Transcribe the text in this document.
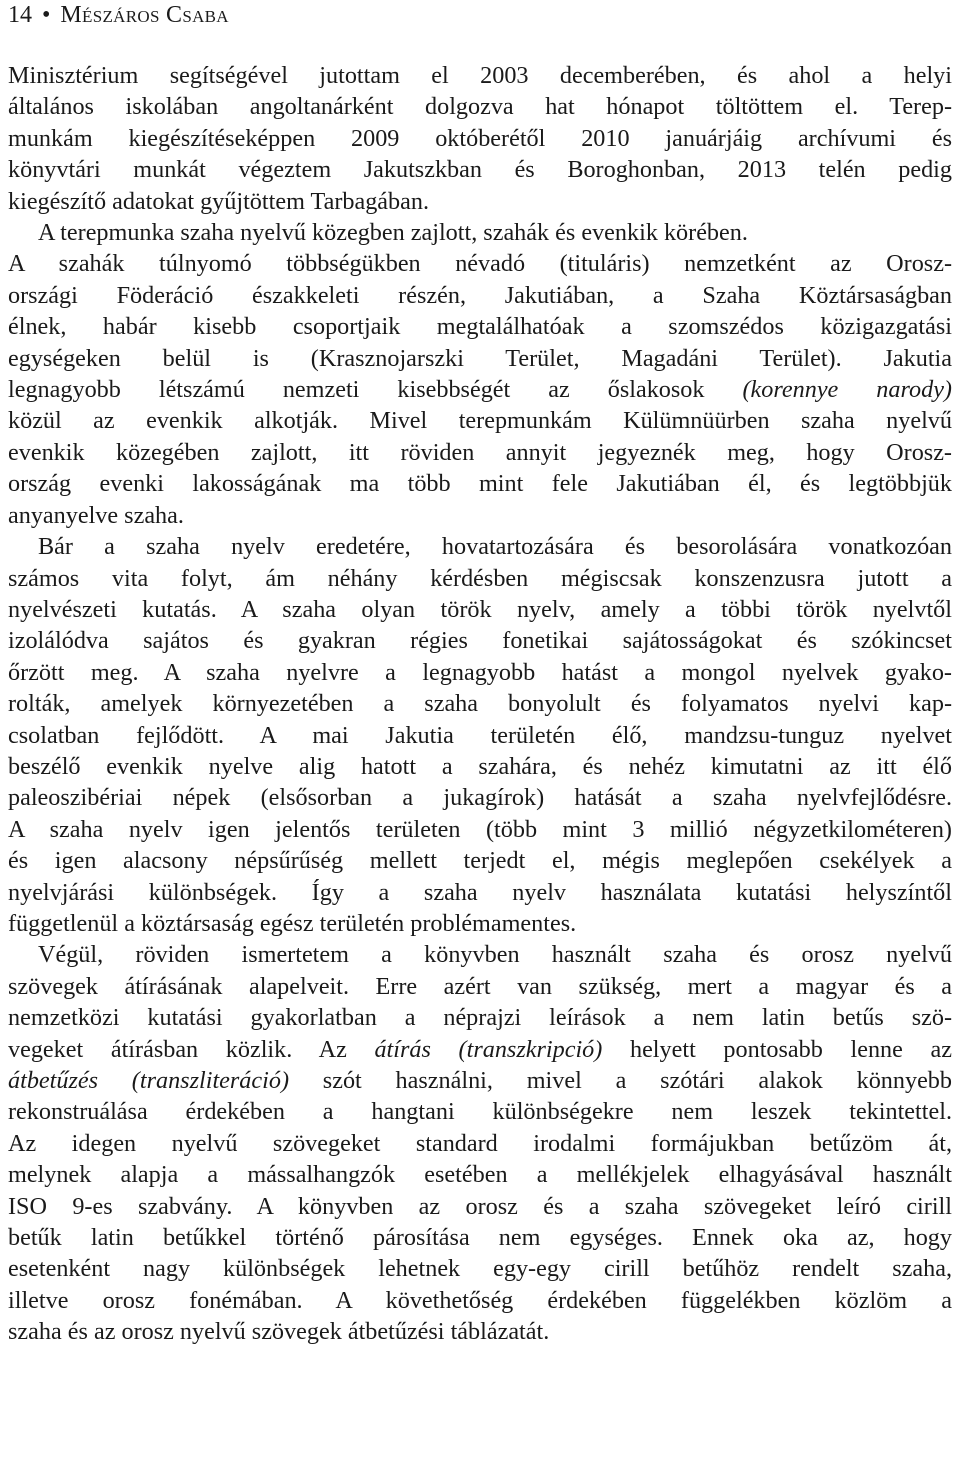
14 • Mészáros Csaba

Minisztérium segítségével jutottam el 2003 decemberében, és ahol a helyi
általános iskolában angoltanárként dolgozva hat hónapot töltöttem el. Terep-
munkám kiegészítéseképpen 2009 októberétől 2010 januárjáig archívumi és
könyvtári munkát végeztem Jakutszkban és Boroghonban, 2013 telén pedig
kiegészítő adatokat gyűjtöttem Tarbagában.

A terepmunka szaha nyelvű közegben zajlott, szahák és evenkik körében.
A szahák túlnyomó többségükben névadó (tituláris) nemzetként az Orosz-
országi Föderáció északkeleti részén, Jakutiában, a Szaha Köztársaságban
élnek, habár kisebb csoportjaik megtalálhatóak a szomszédos közigazgatási
egységeken belül is (Krasznojarszki Terület, Magadáni Terület). Jakutia
legnagyobb létszámú nemzeti kisebbségét az őslakosok (korennye narody)
közül az evenkik alkotják. Mivel terepmunkám Külümnüürben szaha nyelvű
evenkik közegében zajlott, itt röviden annyit jegyeznék meg, hogy Orosz-
ország evenki lakosságának ma több mint fele Jakutiában él, és legtöbbjük
anyanyelve szaha.

Bár a szaha nyelv eredetére, hovatartozására és besorolására vonatkozóan
számos vita folyt, ám néhány kérdésben mégiscsak konszenzusra jutott a
nyelvészeti kutatás. A szaha olyan török nyelv, amely a többi török nyelvtől
izolálódva sajátos és gyakran régies fonetikai sajátosságokat és szókincset
őrzött meg. A szaha nyelvre a legnagyobb hatást a mongol nyelvek gyako-
rolták, amelyek környezetében a szaha bonyolult és folyamatos nyelvi kap-
csolatban fejlődött. A mai Jakutia területén élő, mandzsu-tunguz nyelvet
beszélő evenkik nyelve alig hatott a szahára, és nehéz kimutatni az itt élő
paleoszibériai népek (elsősorban a jukagírok) hatását a szaha nyelvfejlődésre.
A szaha nyelv igen jelentős területen (több mint 3 millió négyzetkilométeren)
és igen alacsony népsűrűség mellett terjedt el, mégis meglepően csekélyek a
nyelvjárási különbségek. Így a szaha nyelv használata kutatási helyszíntől
függetlenül a köztársaság egész területén problémamentes.

Végül, röviden ismertetem a könyvben használt szaha és orosz nyelvű
szövegek átírásának alapelveit. Erre azért van szükség, mert a magyar és a
nemzetközi kutatási gyakorlatban a néprajzi leírások a nem latin betűs szö-
vegeket átírásban közlik. Az átírás (transzkripció) helyett pontosabb lenne az
átbetűzés (transzliteráció) szót használni, mivel a szótári alakok könnyebb
rekonstruálása érdekében a hangtani különbségekre nem leszek tekintettel.
Az idegen nyelvű szövegeket standard irodalmi formájukban betűzöm át,
melynek alapja a mássalhangzók esetében a mellékjelek elhagyásával használt
ISO 9-es szabvány. A könyvben az orosz és a szaha szövegeket leíró cirill
betűk latin betűkkel történő párosítása nem egységes. Ennek oka az, hogy
esetenként nagy különbségek lehetnek egy-egy cirill betűhöz rendelt szaha,
illetve orosz fonémában. A követhetőség érdekében függelékben közlöm a
szaha és az orosz nyelvű szövegek átbetűzési táblázatát.
